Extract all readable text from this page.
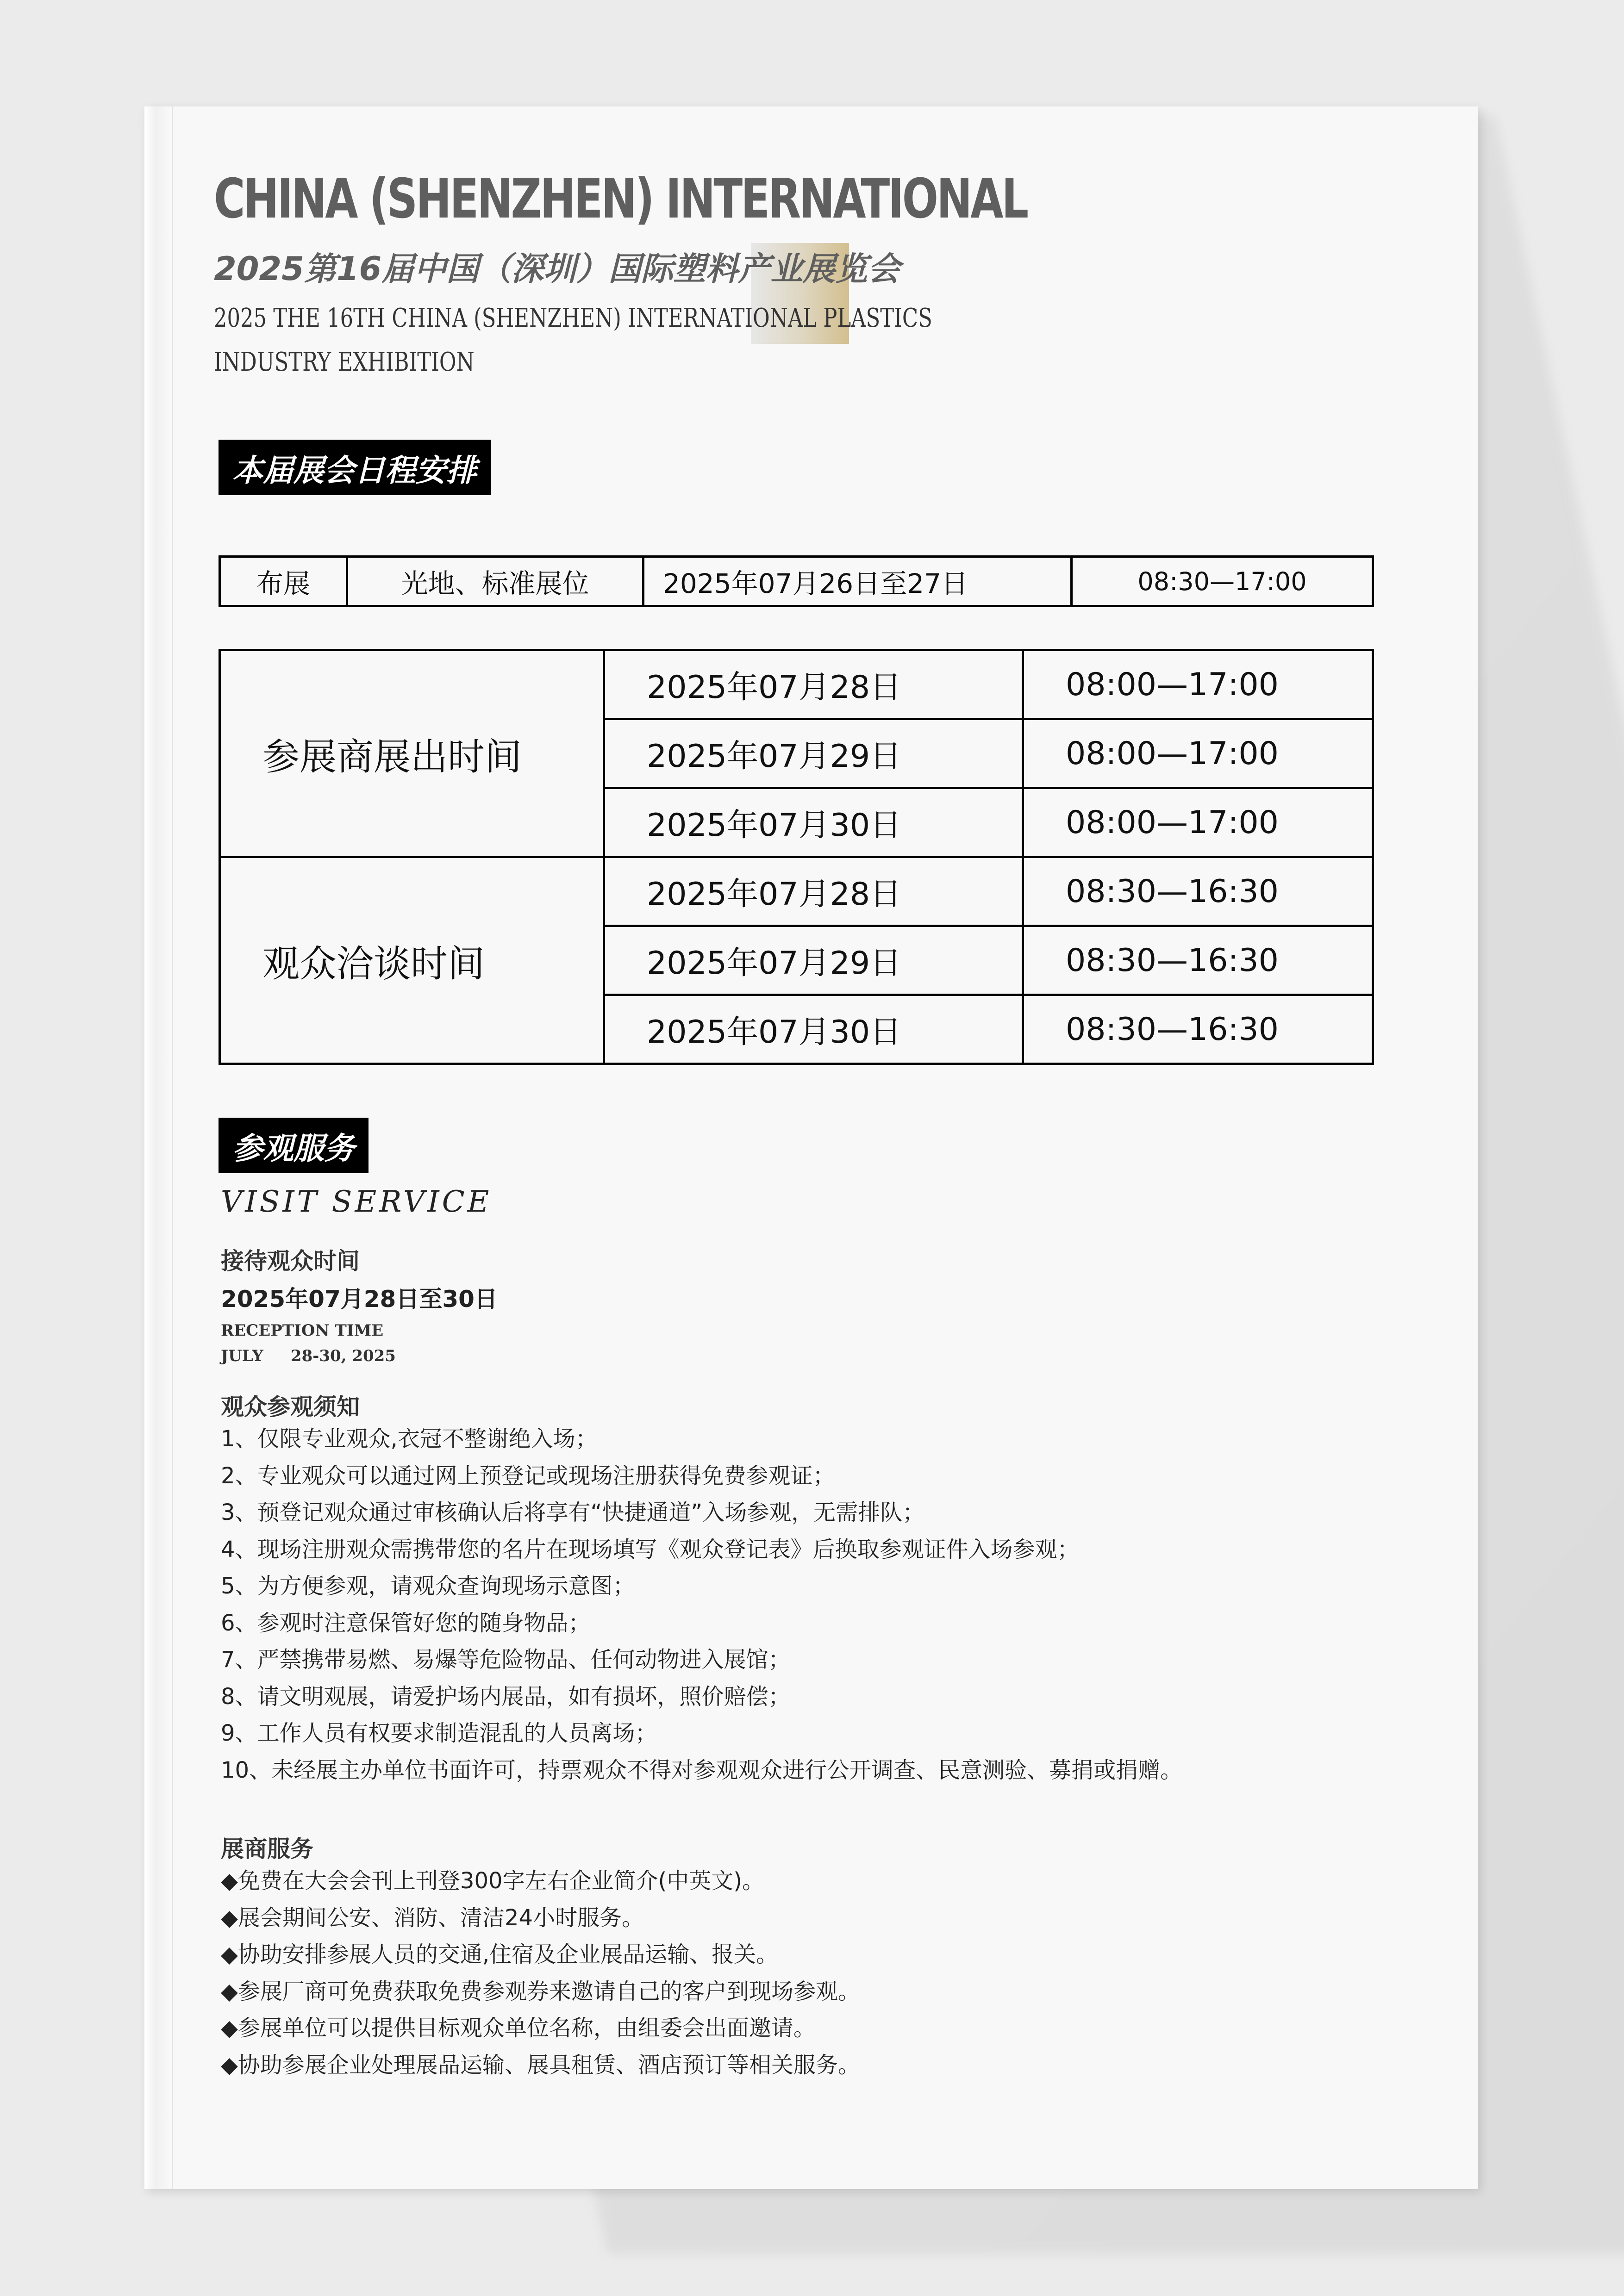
CHINA (SHENZHEN) INTERNATIONAL
2025第16届中国（深圳）国际塑料产业展览会
2025 THE 16TH CHINA (SHENZHEN) INTERNATIONAL PLASTICS
INDUSTRY EXHIBITION
本届展会日程安排
布展	光地、标准展位	2025年07月26日至27日	08:30—17:00
参展商展出时间	2025年07月28日	08:00—17:00
	2025年07月29日	08:00—17:00
	2025年07月30日	08:00—17:00
观众洽谈时间	2025年07月28日	08:30—16:30
	2025年07月29日	08:30—16:30
	2025年07月30日	08:30—16:30
参观服务
VISIT SERVICE
接待观众时间
2025年07月28日至30日
RECEPTION TIME
JULY     28-30, 2025
观众参观须知
1、仅限专业观众,衣冠不整谢绝入场；
2、专业观众可以通过网上预登记或现场注册获得免费参观证；
3、预登记观众通过审核确认后将享有“快捷通道”入场参观，无需排队；
4、现场注册观众需携带您的名片在现场填写《观众登记表》后换取参观证件入场参观；
5、为方便参观，请观众查询现场示意图；
6、参观时注意保管好您的随身物品；
7、严禁携带易燃、易爆等危险物品、任何动物进入展馆；
8、请文明观展，请爱护场内展品，如有损坏，照价赔偿；
9、工作人员有权要求制造混乱的人员离场；
10、未经展主办单位书面许可，持票观众不得对参观观众进行公开调查、民意测验、募捐或捐赠。
展商服务
◆免费在大会会刊上刊登300字左右企业简介(中英文)。
◆展会期间公安、消防、清洁24小时服务。
◆协助安排参展人员的交通,住宿及企业展品运输、报关。
◆参展厂商可免费获取免费参观券来邀请自己的客户到现场参观。
◆参展单位可以提供目标观众单位名称，由组委会出面邀请。
◆协助参展企业处理展品运输、展具租赁、酒店预订等相关服务。
